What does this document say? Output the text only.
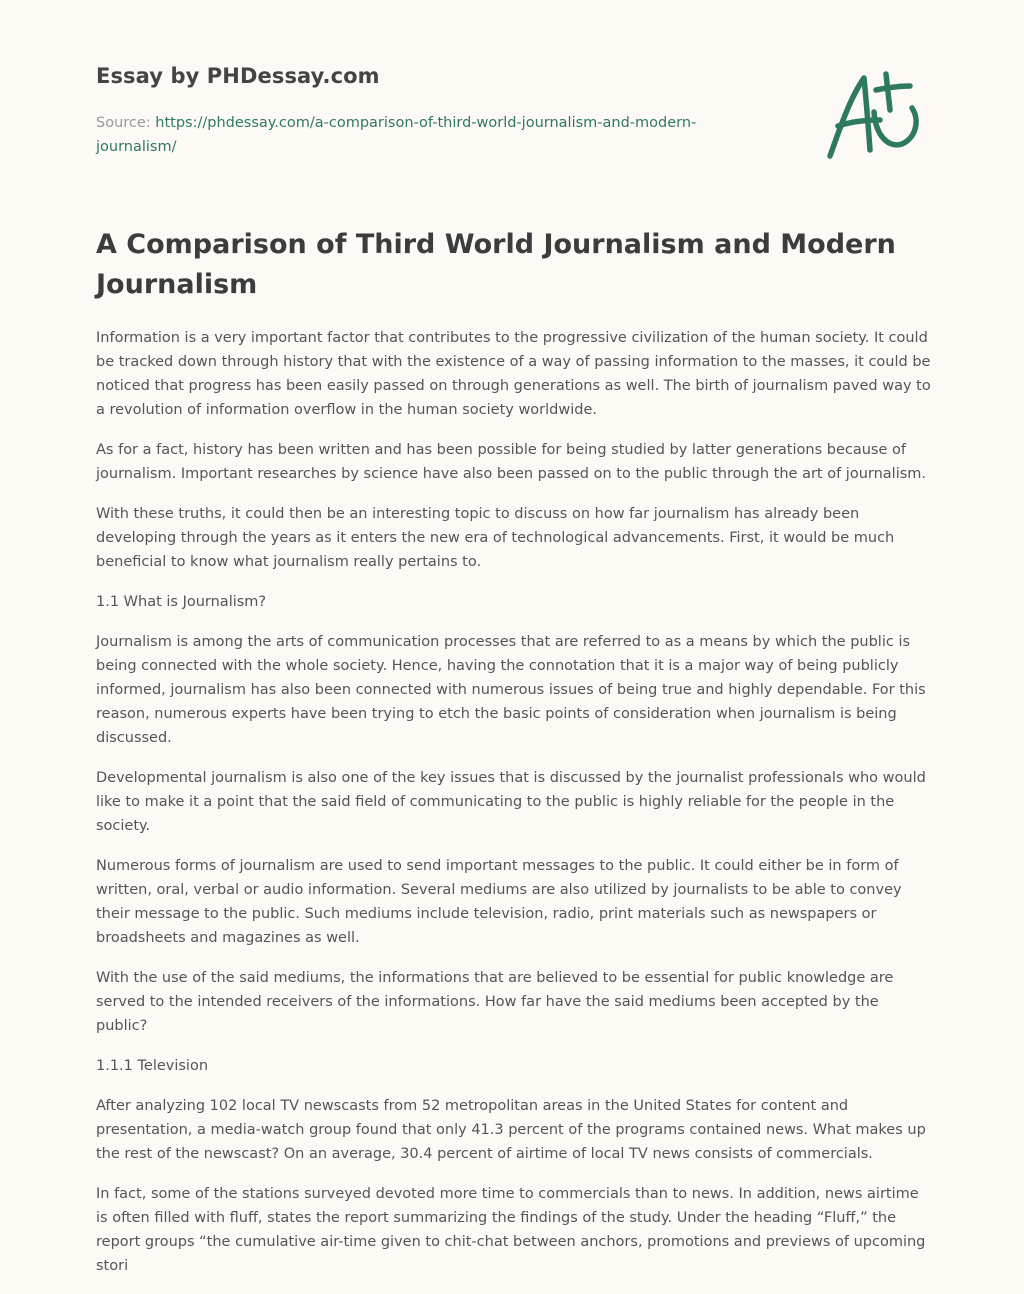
Essay by PHDessay.com
Source: https://phdessay.com/a-comparison-of-third-world-journalism-and-modern-journalism/
A Comparison of Third World Journalism and Modern Journalism

Information is a very important factor that contributes to the progressive civilization of the human society. It could be tracked down through history that with the existence of a way of passing information to the masses, it could be noticed that progress has been easily passed on through generations as well. The birth of journalism paved way to a revolution of information overflow in the human society worldwide.

As for a fact, history has been written and has been possible for being studied by latter generations because of journalism. Important researches by science have also been passed on to the public through the art of journalism.

With these truths, it could then be an interesting topic to discuss on how far journalism has already been developing through the years as it enters the new era of technological advancements. First, it would be much beneficial to know what journalism really pertains to.

1.1 What is Journalism?

Journalism is among the arts of communication processes that are referred to as a means by which the public is being connected with the whole society. Hence, having the connotation that it is a major way of being publicly informed, journalism has also been connected with numerous issues of being true and highly dependable. For this reason, numerous experts have been trying to etch the basic points of consideration when journalism is being discussed.

Developmental journalism is also one of the key issues that is discussed by the journalist professionals who would like to make it a point that the said field of communicating to the public is highly reliable for the people in the society.

Numerous forms of journalism are used to send important messages to the public. It could either be in form of written, oral, verbal or audio information. Several mediums are also utilized by journalists to be able to convey their message to the public. Such mediums include television, radio, print materials such as newspapers or broadsheets and magazines as well.

With the use of the said mediums, the informations that are believed to be essential for public knowledge are served to the intended receivers of the informations. How far have the said mediums been accepted by the public?

1.1.1 Television

After analyzing 102 local TV newscasts from 52 metropolitan areas in the United States for content and presentation, a media-watch group found that only 41.3 percent of the programs contained news. What makes up the rest of the newscast? On an average, 30.4 percent of airtime of local TV news consists of commercials.

In fact, some of the stations surveyed devoted more time to commercials than to news. In addition, news airtime is often filled with fluff, states the report summarizing the findings of the study. Under the heading “Fluff,” the report groups “the cumulative air-time given to chit-chat between anchors, promotions and previews of upcoming stori
